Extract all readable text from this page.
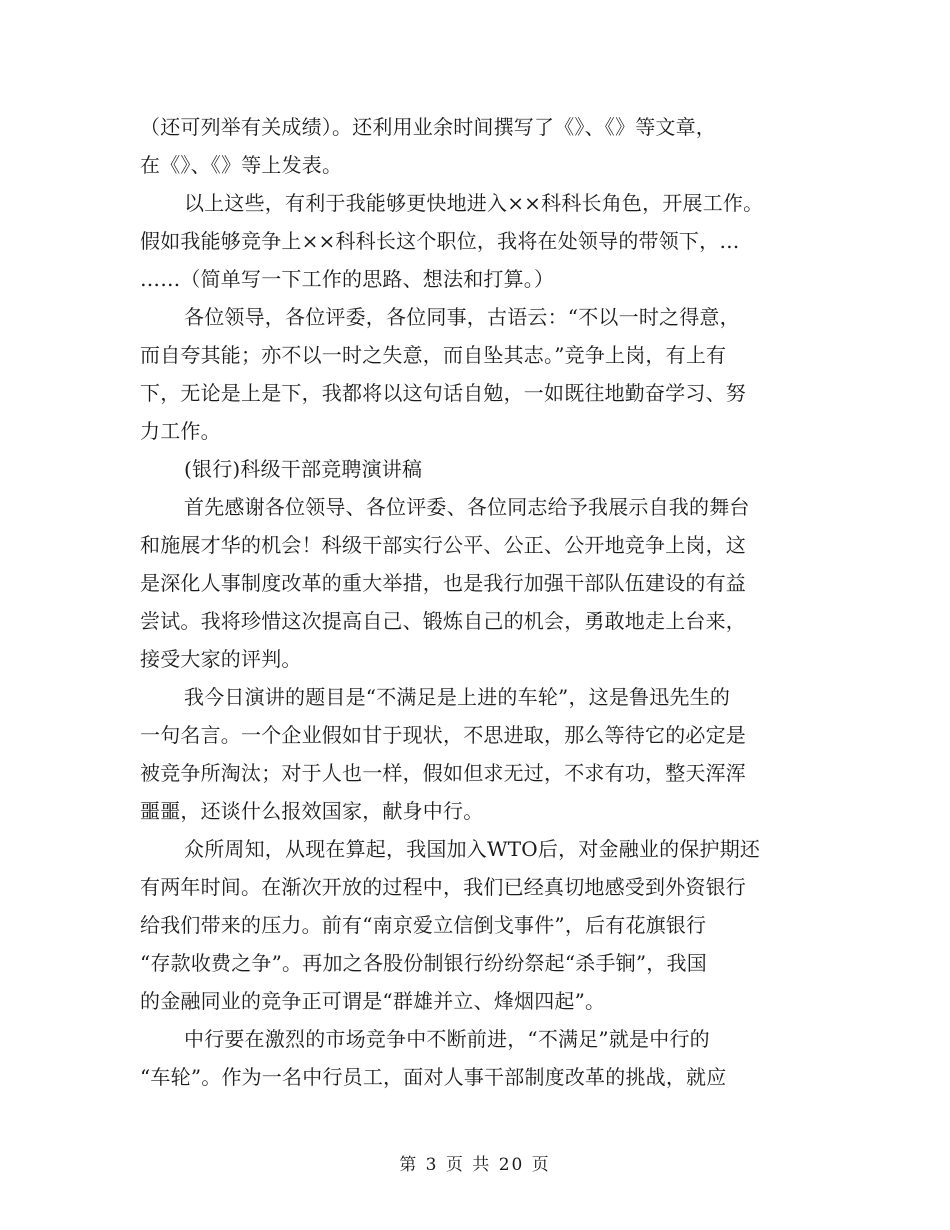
（还可列举有关成绩）。还利用业余时间撰写了《》、《》等文章，
在《》、《》等上发表。
以上这些，有利于我能够更快地进入××科科长角色，开展工作。
假如我能够竞争上××科科长这个职位，我将在处领导的带领下，…
……（简单写一下工作的思路、想法和打算。）
各位领导，各位评委，各位同事，古语云：“不以一时之得意，
而自夸其能；亦不以一时之失意，而自坠其志。”竞争上岗，有上有
下，无论是上是下，我都将以这句话自勉，一如既往地勤奋学习、努
力工作。
(银行)科级干部竞聘演讲稿
首先感谢各位领导、各位评委、各位同志给予我展示自我的舞台
和施展才华的机会！科级干部实行公平、公正、公开地竞争上岗，这
是深化人事制度改革的重大举措，也是我行加强干部队伍建设的有益
尝试。我将珍惜这次提高自己、锻炼自己的机会，勇敢地走上台来，
接受大家的评判。
我今日演讲的题目是“不满足是上进的车轮”，这是鲁迅先生的
一句名言。一个企业假如甘于现状，不思进取，那么等待它的必定是
被竞争所淘汰；对于人也一样，假如但求无过，不求有功，整天浑浑
噩噩，还谈什么报效国家，献身中行。
众所周知，从现在算起，我国加入WTO后，对金融业的保护期还
有两年时间。在渐次开放的过程中，我们已经真切地感受到外资银行
给我们带来的压力。前有“南京爱立信倒戈事件”，后有花旗银行
“存款收费之争”。再加之各股份制银行纷纷祭起“杀手锏”，我国
的金融同业的竞争正可谓是“群雄并立、烽烟四起”。
中行要在激烈的市场竞争中不断前进，“不满足”就是中行的
“车轮”。作为一名中行员工，面对人事干部制度改革的挑战，就应
第 3 页 共 20 页
